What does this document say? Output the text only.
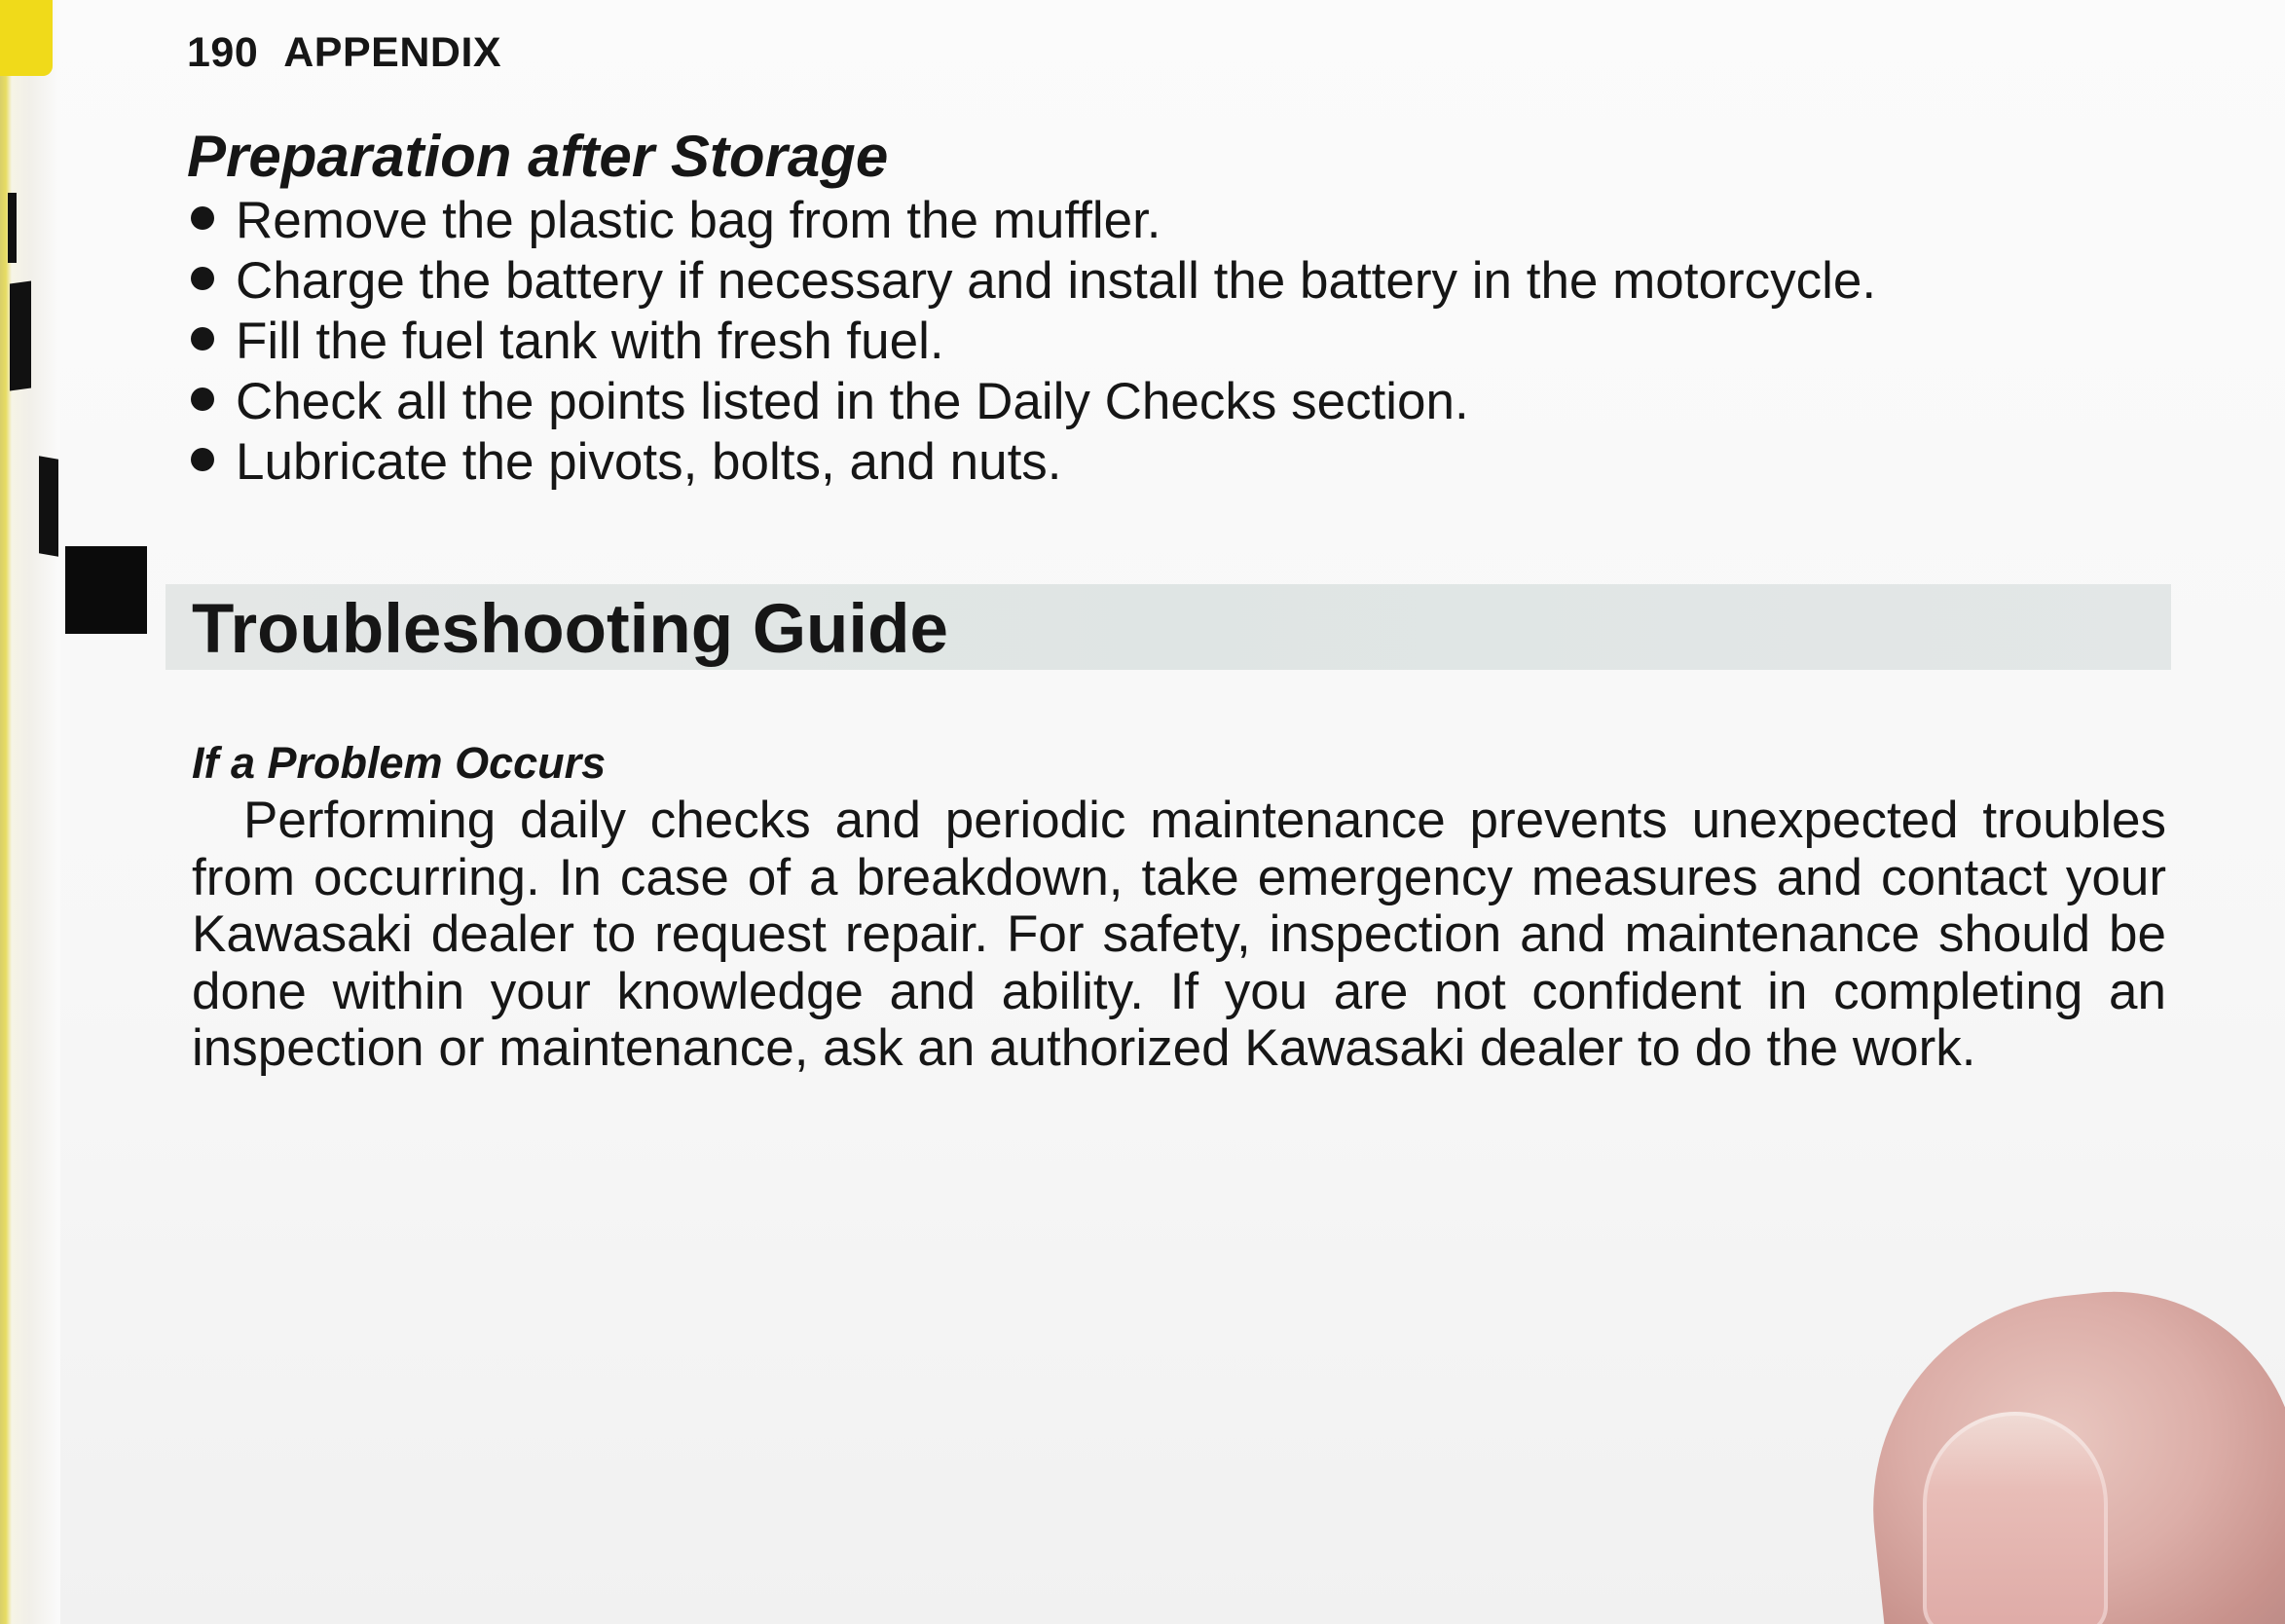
190 APPENDIX
Preparation after Storage
Remove the plastic bag from the muffler.
Charge the battery if necessary and install the battery in the motorcycle.
Fill the fuel tank with fresh fuel.
Check all the points listed in the Daily Checks section.
Lubricate the pivots, bolts, and nuts.
Troubleshooting Guide
If a Problem Occurs

 Performing daily checks and periodic maintenance prevents unexpected troubles from occurring. In case of a breakdown, take emergency measures and contact your Kawasaki dealer to request repair. For safety, inspection and maintenance should be done within your knowledge and ability. If you are not confident in completing an inspection or maintenance, ask an authorized Kawasaki dealer to do the work.
